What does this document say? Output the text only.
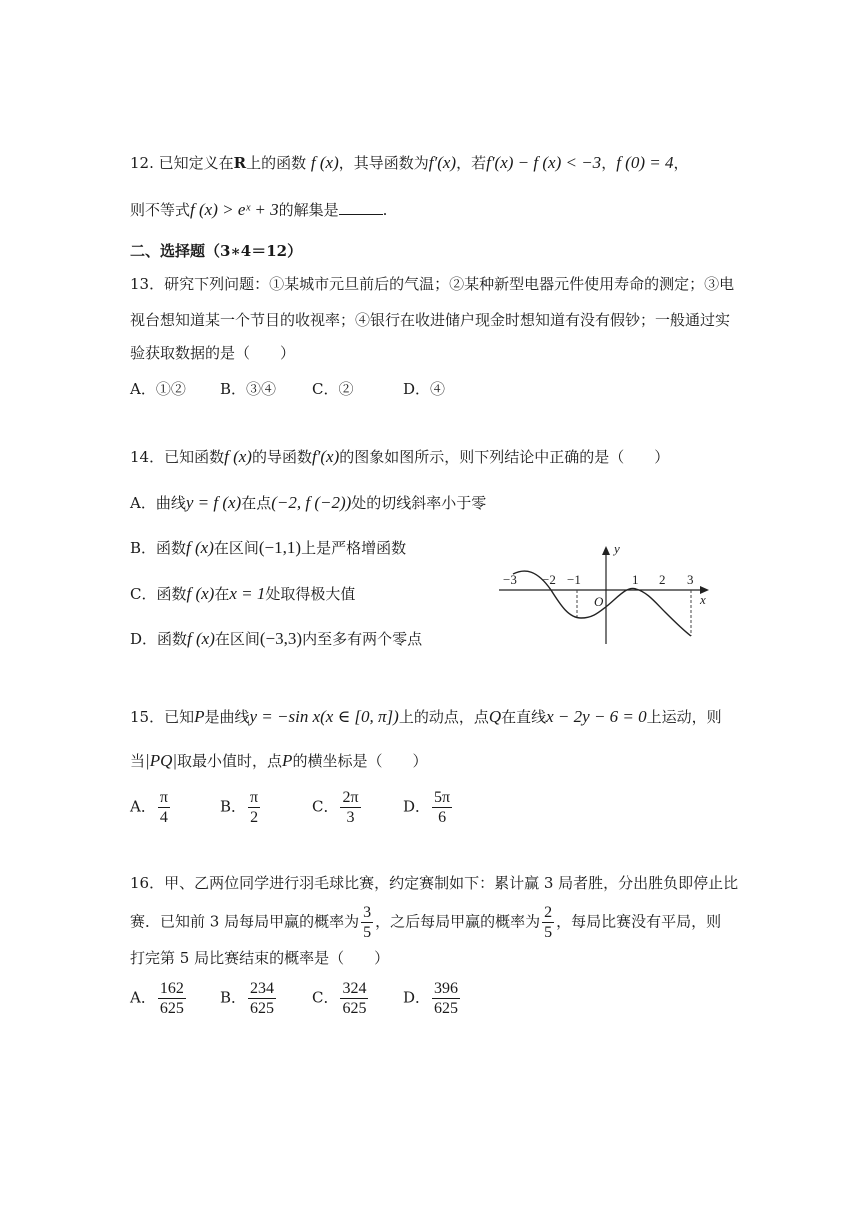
12. 已知定义在R上的函数 f (x)，其导函数为f′(x)，若f′(x) − f (x) < −3，f (0) = 4，
则不等式f (x) > eˣ + 3的解集是	.
二、选择题（3∗4＝12）
13．研究下列问题：①某城市元旦前后的气温；②某种新型电器元件使用寿命的测定；③电
视台想知道某一个节目的收视率；④银行在收进储户现金时想知道有没有假钞；一般通过实
验获取数据的是（　　）
A．①② B．③④ C．②	D．④
14．已知函数f (x)的导函数f′(x)的图象如图所示，则下列结论中正确的是（　　）
A．曲线y = f (x)在点(−2, f (−2))处的切线斜率小于零
B．函数f (x)在区间(−1,1)上是严格增函数
C．函数f (x)在x = 1处取得极大值
D．函数f (x)在区间(−3,3)内至多有两个零点
y
x
O
−3 −2 −1	1 2 3
15．已知P是曲线y = −sin x(x ∈ [0, π])上的动点，点Q在直线x − 2y − 6 = 0上运动，则
当|PQ|取最小值时，点P的横坐标是（　　）
A． $\frac{\pi}{4}$	B． $\frac{\pi}{2}$	C． $\frac{2\pi}{3}$	D． $\frac{5\pi}{6}$
16．甲、乙两位同学进行羽毛球比赛，约定赛制如下：累计赢 3 局者胜，分出胜负即停止比
赛．已知前 3 局每局甲赢的概率为 $\frac{3}{5}$ ，之后每局甲赢的概率为 $\frac{2}{5}$ ，每局比赛没有平局，则
打完第 5 局比赛结束的概率是（　　）
A． $\frac{162}{625}$ B． $\frac{234}{625}$ C． $\frac{324}{625}$ D． $\frac{396}{625}$
